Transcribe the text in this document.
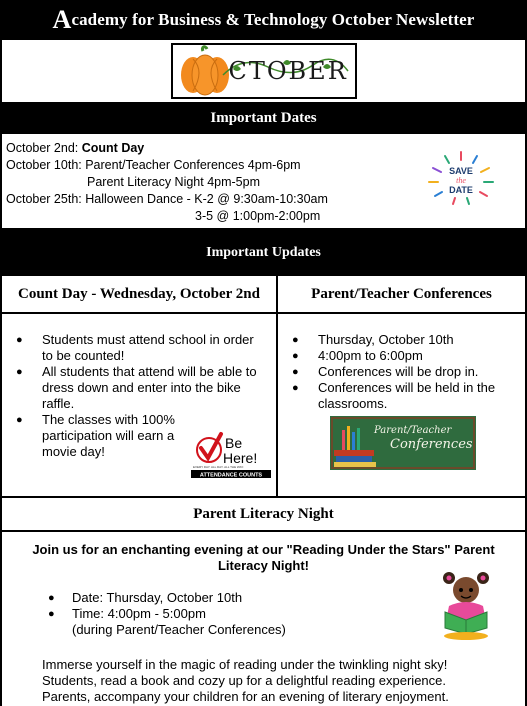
A cademy for Business & Technology October Newsletter
CTOBER
Important Dates
October 2nd: Count Day
October 10th: Parent/Teacher Conferences 4pm-6pm
Parent Literacy Night 4pm-5pm
October 25th: Halloween Dance - K-2 @ 9:30am-10:30am
3-5 @ 1:00pm-2:00pm
SAVE
the
DATE
Important Updates
Count Day - Wednesday, October 2nd
●	Students must attend school in order to be counted!
●	All students that attend will be able to dress down and enter into the bike raffle.
●	The classes with 100% participation will earn a movie day!
Be
Here!
EVERY DAY. ALL DAY. ALL THE WAY.
ATTENDANCE COUNTS
Parent/Teacher Conferences
●	Thursday, October 10th
●	4:00pm to 6:00pm
●	Conferences will be drop in.
●	Conferences will be held in the classrooms.
Parent/Teacher
Conferences
Parent Literacy Night
Join us for an enchanting evening at our "Reading Under the Stars" Parent Literacy Night!
●	Date: Thursday, October 10th
●	Time: 4:00pm - 5:00pm
(during Parent/Teacher Conferences)
Immerse yourself in the magic of reading under the twinkling night sky! Students, read a book and cozy up for a delightful reading experience. Parents, accompany your children for an evening of literary enjoyment.
